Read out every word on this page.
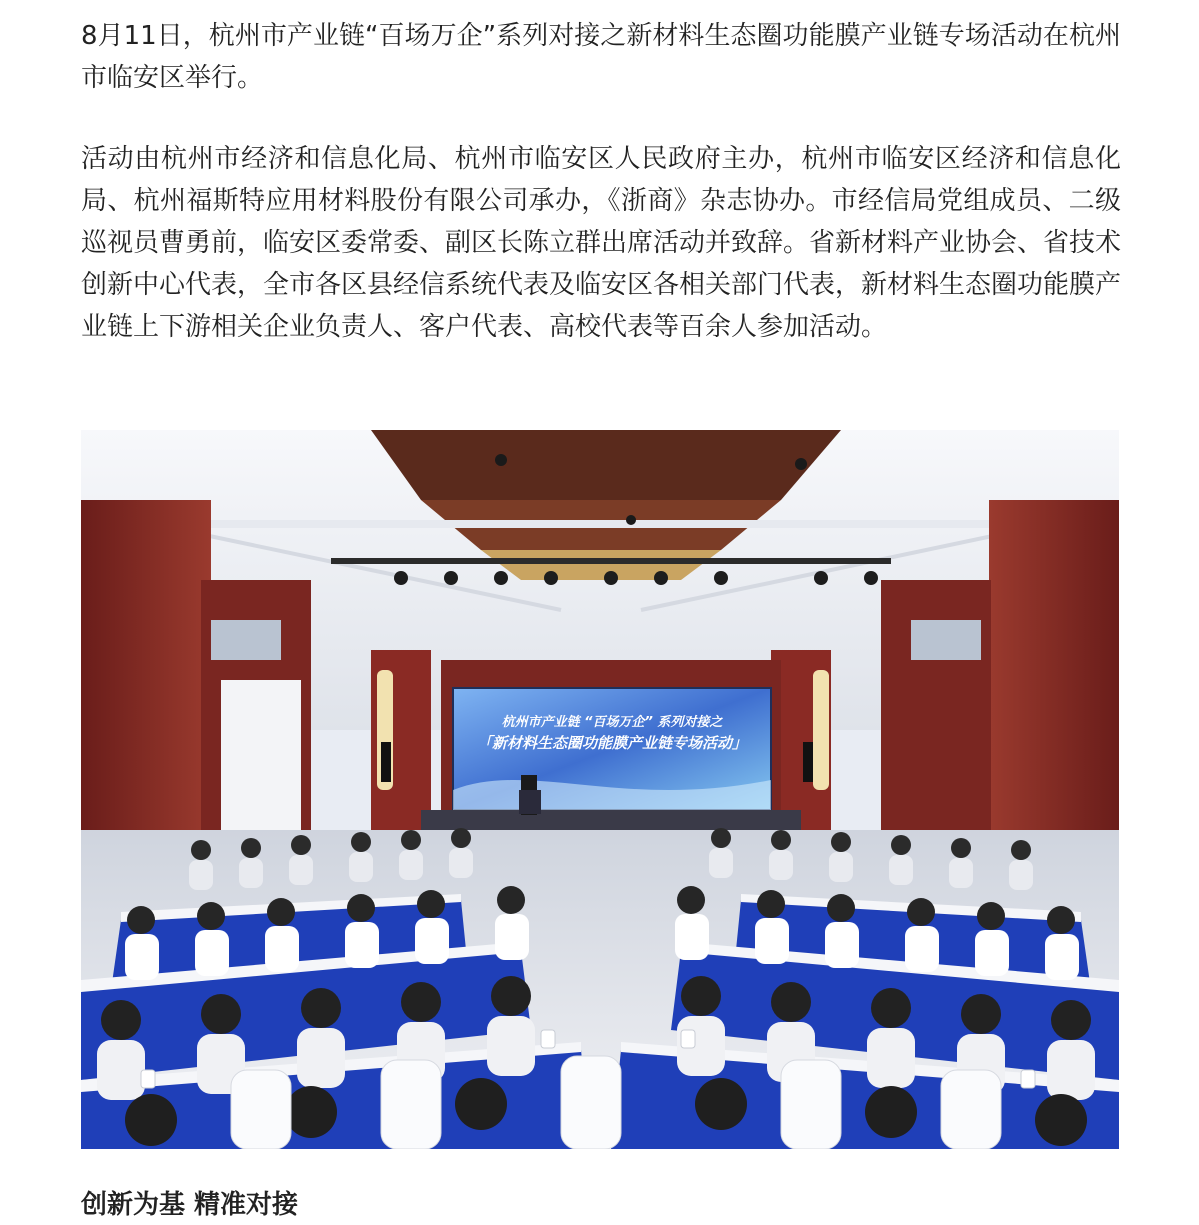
8月11日，杭州市产业链“百场万企”系列对接之新材料生态圈功能膜产业链专场活动在杭州市临安区举行。

活动由杭州市经济和信息化局、杭州市临安区人民政府主办，杭州市临安区经济和信息化局、杭州福斯特应用材料股份有限公司承办，《浙商》杂志协办。市经信局党组成员、二级巡视员曹勇前，临安区委常委、副区长陈立群出席活动并致辞。省新材料产业协会、省技术创新中心代表，全市各区县经信系统代表及临安区各相关部门代表，新材料生态圈功能膜产业链上下游相关企业负责人、客户代表、高校代表等百余人参加活动。

杭州市产业链 “百场万企” 系列对接之
「新材料生态圈功能膜产业链专场活动」
创新为基 精准对接
